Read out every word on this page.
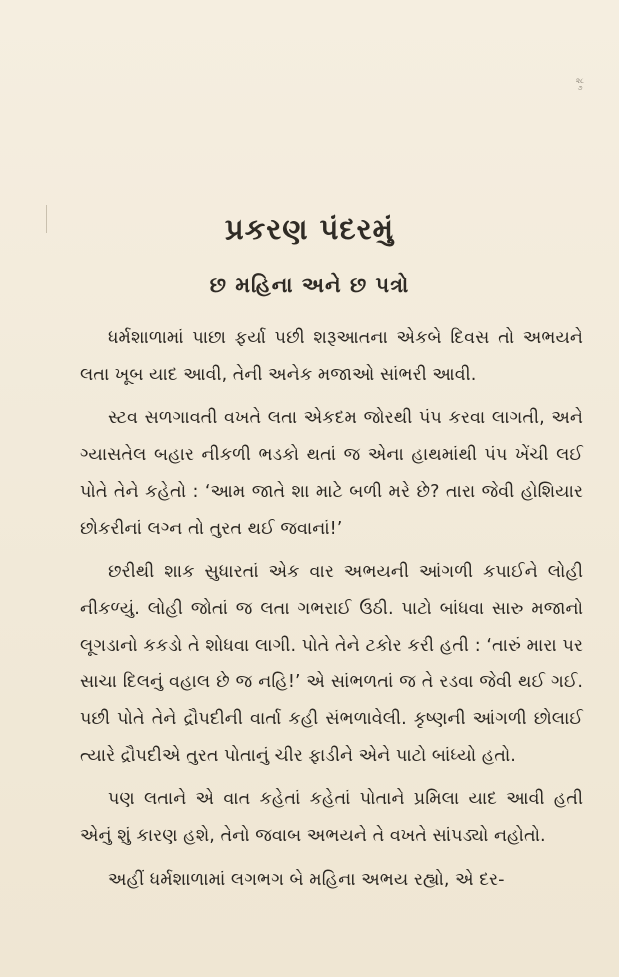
૨૮૭
પ્રકરણ પંદરમું
છ મહિના અને છ પત્રો

ધર્મશાળામાં પાછા ફર્યા પછી શરૂઆતના એકબે દિવસ તો અભયને લતા ખૂબ યાદ આવી, તેની અનેક મજાઓ સાંભરી આવી.

સ્ટવ સળગાવતી વખતે લતા એકદમ જોરથી પંપ કરવા લાગતી, અને ગ્યાસતેલ બહાર નીકળી ભડકો થતાં જ એના હાથમાંથી પંપ ખેંચી લઈ પોતે તેને કહેતો : ‘આમ જાતે શા માટે બળી મરે છે? તારા જેવી હોશિયાર છોકરીનાં લગ્ન તો તુરત થઈ જવાનાં!’

છરીથી શાક સુધારતાં એક વાર અભયની આંગળી કપાઈને લોહી નીકળ્યું. લોહી જોતાં જ લતા ગભરાઈ ઉઠી. પાટો બાંધવા સારુ મજાનો લૂગડાનો કકડો તે શોધવા લાગી. પોતે તેને ટકોર કરી હતી : ‘તારું મારા પર સાચા દિલનું વહાલ છે જ નહિ!’ એ સાંભળતાં જ તે રડવા જેવી થઈ ગઈ. પછી પોતે તેને દ્રૌપદીની વાર્તા કહી સંભળાવેલી. કૃષ્ણની આંગળી છોલાઈ ત્યારે દ્રૌપદીએ તુરત પોતાનું ચીર ફાડીને એને પાટો બાંધ્યો હતો.

પણ લતાને એ વાત કહેતાં કહેતાં પોતાને પ્રમિલા યાદ આવી હતી એનું શું કારણ હશે, તેનો જવાબ અભયને તે વખતે સાંપડ્યો નહોતો.

અહીં ધર્મશાળામાં લગભગ બે મહિના અભય રહ્યો, એ દર-
